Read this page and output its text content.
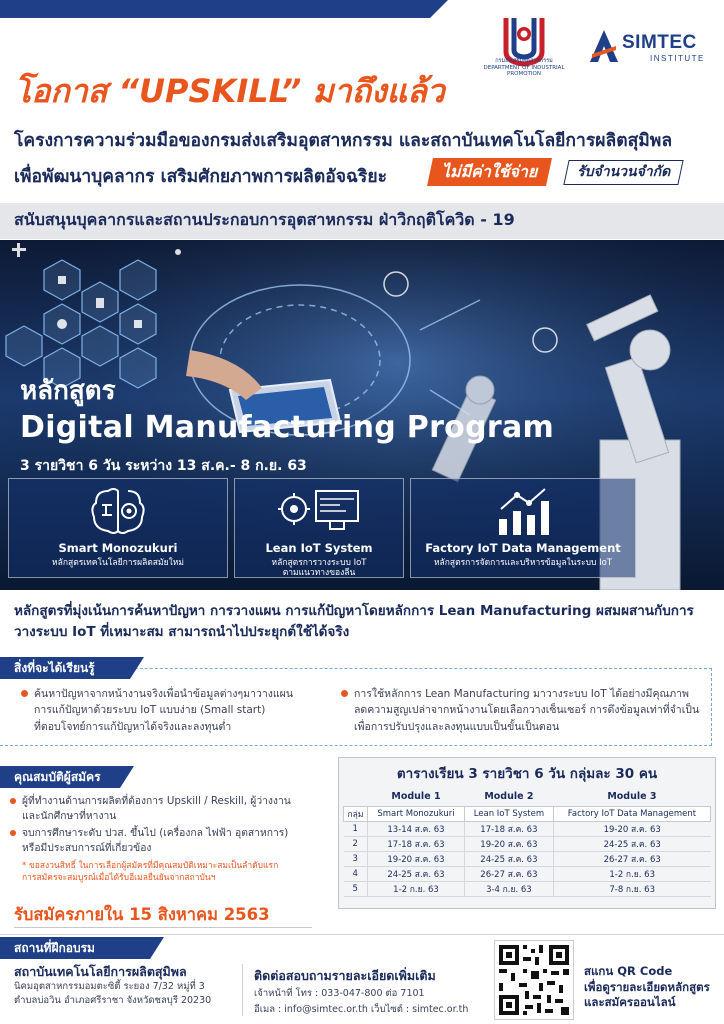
กรมส่งเสริมอุตสาหกรรม
DEPARTMENT OF INDUSTRIAL PROMOTION
SIMTEC
INSTITUTE
โอกาส “UPSKILL” มาถึงแล้ว
โครงการความร่วมมือของกรมส่งเสริมอุตสาหกรรม และสถาบันเทคโนโลยีการผลิตสุมิพล
เพื่อพัฒนาบุคลากร เสริมศักยภาพการผลิตอัจฉริยะ	ไม่มีค่าใช้จ่าย	รับจำนวนจำกัด
สนับสนุนบุคลากรและสถานประกอบการอุตสาหกรรม ฝ่าวิกฤติโควิด - 19
หลักสูตร
Digital Manufacturing Program
3 รายวิชา 6 วัน ระหว่าง 13 ส.ค.- 8 ก.ย. 63
Smart Monozukuri
หลักสูตรเทคโนโลยีการผลิตสมัยใหม่
Lean IoT System
หลักสูตรการวางระบบ IoT
ตามแนวทางของลีน
Factory IoT Data Management
หลักสูตรการจัดการและบริหารข้อมูลในระบบ IoT
หลักสูตรที่มุ่งเน้นการค้นหาปัญหา การวางแผน การแก้ปัญหาโดยหลักการ Lean Manufacturing ผสมผสานกับการวางระบบ IoT ที่เหมาะสม สามารถนำไปประยุกต์ใช้ได้จริง
สิ่งที่จะได้เรียนรู้
ค้นหาปัญหาจากหน้างานจริงเพื่อนำข้อมูลต่างๆมาวางแผน
การแก้ปัญหาด้วยระบบ IoT แบบง่าย (Small start)
ที่ตอบโจทย์การแก้ปัญหาได้จริงและลงทุนต่ำ
การใช้หลักการ Lean Manufacturing มาวางระบบ IoT ได้อย่างมีคุณภาพ
ลดความสูญเปล่าจากหน้างานโดยเลือกวางเซ็นเซอร์ การดึงข้อมูลเท่าที่จำเป็น
เพื่อการปรับปรุงและลงทุนแบบเป็นขั้นเป็นตอน
คุณสมบัติผู้สมัคร
ผู้ที่ทำงานด้านการผลิตที่ต้องการ Upskill / Reskill, ผู้ว่างงาน
และนักศึกษาที่หางาน
จบการศึกษาระดับ ปวส. ขึ้นไป (เครื่องกล ไฟฟ้า อุตสาหการ)
หรือมีประสบการณ์ที่เกี่ยวข้อง
* ขอสงวนสิทธิ์ ในการเลือกผู้สมัครที่มีคุณสมบัติเหมาะสมเป็นลำดับแรก
การสมัครจะสมบูรณ์เมื่อได้รับอีเมลยืนยันจากสถาบันฯ
รับสมัครภายใน 15 สิงหาคม 2563
ตารางเรียน 3 รายวิชา 6 วัน กลุ่มละ 30 คน
	Module 1	Module 2	Module 3
กลุ่ม	Smart Monozukuri	Lean IoT System	Factory IoT Data Management
1	13-14 ส.ค. 63	17-18 ส.ค. 63	19-20 ส.ค. 63
2	17-18 ส.ค. 63	19-20 ส.ค. 63	24-25 ส.ค. 63
3	19-20 ส.ค. 63	24-25 ส.ค. 63	26-27 ส.ค. 63
4	24-25 ส.ค. 63	26-27 ส.ค. 63	1-2 ก.ย. 63
5	1-2 ก.ย. 63	3-4 ก.ย. 63	7-8 ก.ย. 63
สถานที่ฝึกอบรม
สถาบันเทคโนโลยีการผลิตสุมิพล
นิคมอุตสาหกรรมอมตะซิตี้ ระยอง 7/32 หมู่ที่ 3
ตำบลบ่อวิน อำเภอศรีราชา จังหวัดชลบุรี 20230
ติดต่อสอบถามรายละเอียดเพิ่มเติม
เจ้าหน้าที่ โทร : 033-047-800 ต่อ 7101
อีเมล : info@simtec.or.th เว็บไซต์ : simtec.or.th
สแกน QR Code
เพื่อดูรายละเอียดหลักสูตร
และสมัครออนไลน์
